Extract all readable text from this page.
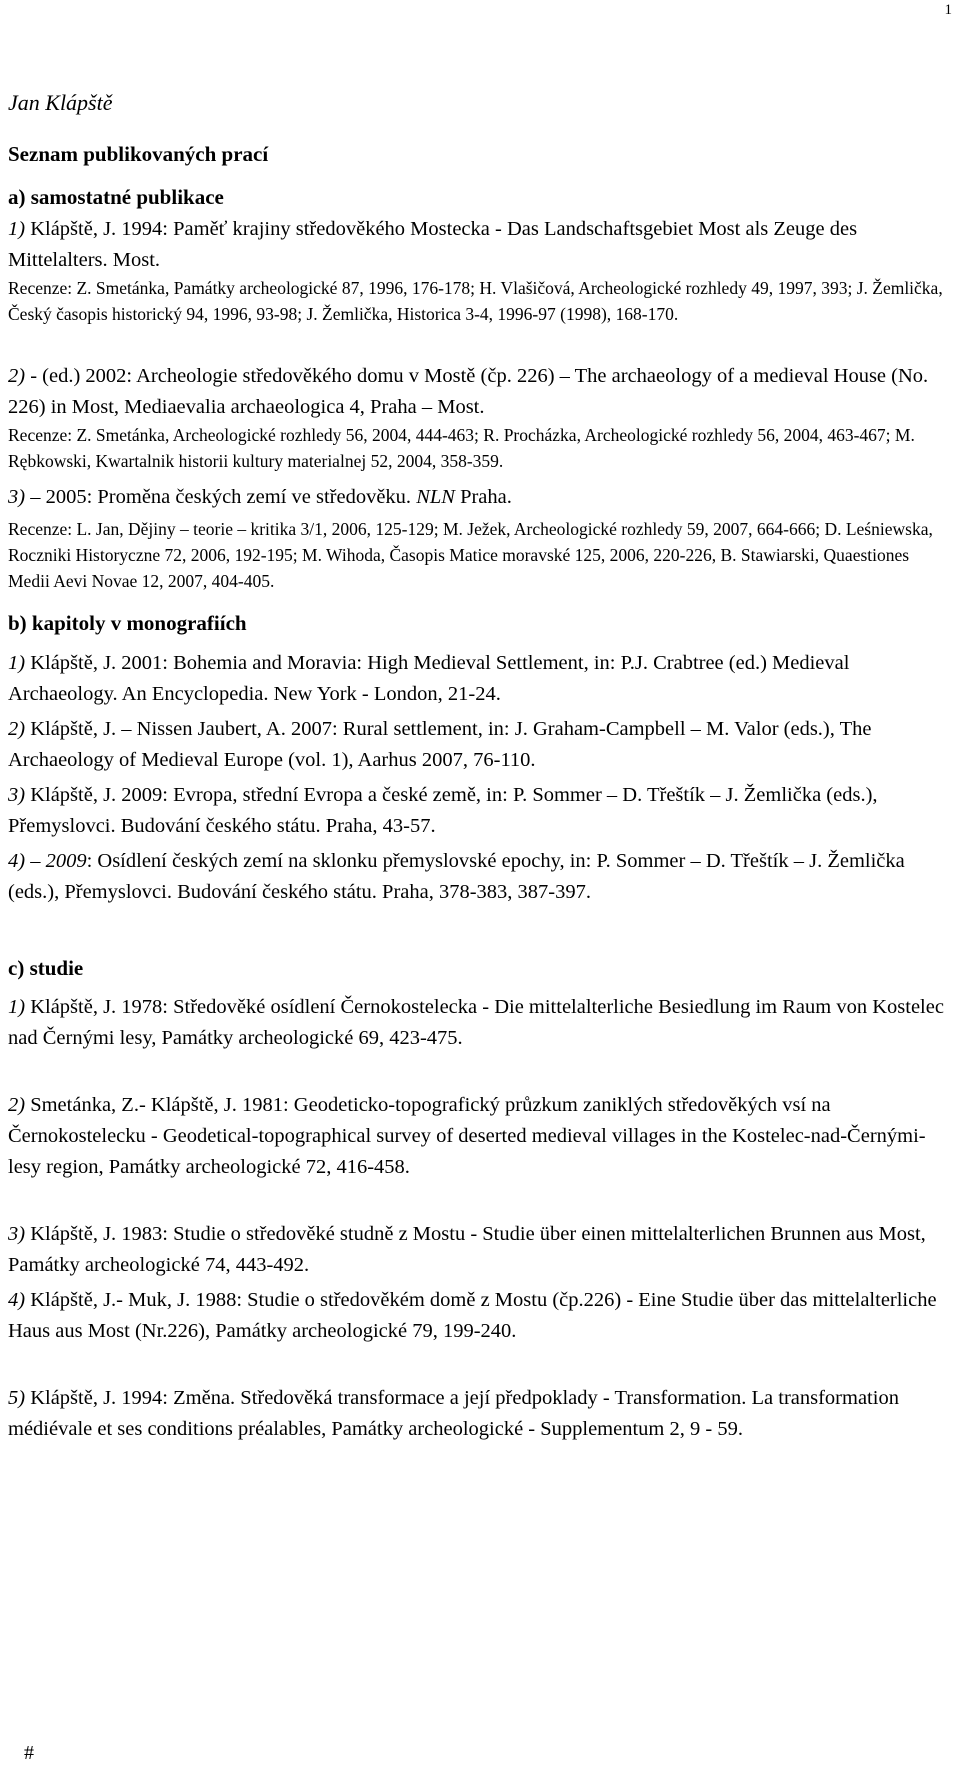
1
Jan Klápště
Seznam publikovaných prací
a) samostatné publikace
1) Klápště, J. 1994: Paměť krajiny středověkého Mostecka - Das Landschaftsgebiet Most als Zeuge des Mittelalters. Most.
Recenze: Z. Smetánka, Památky archeologické 87, 1996, 176-178; H. Vlašičová, Archeologické rozhledy 49, 1997, 393; J. Žemlička, Český časopis historický 94, 1996, 93-98; J. Žemlička, Historica 3-4, 1996-97 (1998), 168-170.
2) - (ed.) 2002: Archeologie středověkého domu v Mostě (čp. 226) – The archaeology of a medieval House (No. 226) in Most, Mediaevalia archaeologica 4, Praha – Most.
Recenze: Z. Smetánka, Archeologické rozhledy 56, 2004, 444-463; R. Procházka, Archeologické rozhledy 56, 2004, 463-467; M. Rębkowski, Kwartalnik historii kultury materialnej 52, 2004, 358-359.
3) – 2005: Proměna českých zemí ve středověku. NLN Praha.
Recenze: L. Jan, Dějiny – teorie – kritika 3/1, 2006, 125-129; M. Ježek, Archeologické rozhledy 59, 2007, 664-666; D. Leśniewska, Roczniki Historyczne 72, 2006, 192-195; M. Wihoda, Časopis Matice moravské 125, 2006, 220-226, B. Stawiarski, Quaestiones Medii Aevi Novae 12, 2007, 404-405.
b) kapitoly v monografiích
1) Klápště, J. 2001: Bohemia and Moravia: High Medieval Settlement, in: P.J. Crabtree (ed.) Medieval Archaeology. An Encyclopedia. New York - London, 21-24.
2) Klápště, J. – Nissen Jaubert, A. 2007: Rural settlement, in: J. Graham-Campbell – M. Valor (eds.), The Archaeology of Medieval Europe (vol. 1), Aarhus 2007, 76-110.
3) Klápště, J. 2009: Evropa, střední Evropa a české země, in: P. Sommer – D. Třeštík – J. Žemlička (eds.), Přemyslovci. Budování českého státu. Praha, 43-57.
4) – 2009: Osídlení českých zemí na sklonku přemyslovské epochy, in: P. Sommer – D. Třeštík – J. Žemlička (eds.), Přemyslovci. Budování českého státu. Praha, 378-383, 387-397.
c) studie
1) Klápště, J. 1978: Středověké osídlení Černokostelecka - Die mittelalterliche Besiedlung im Raum von Kostelec nad Černými lesy, Památky archeologické 69, 423-475.
2) Smetánka, Z.- Klápště, J. 1981: Geodeticko-topografický průzkum zaniklých středověkých vsí na Černokostelecku - Geodetical-topographical survey of deserted medieval villages in the Kostelec-nad-Černými-lesy region, Památky archeologické 72, 416-458.
3) Klápště, J. 1983: Studie o středověké studně z Mostu - Studie über einen mittelalterlichen Brunnen aus Most, Památky archeologické 74, 443-492.
4) Klápště, J.- Muk, J. 1988: Studie o středověkém domě z Mostu (čp.226) - Eine Studie über das mittelalterliche Haus aus Most (Nr.226), Památky archeologické 79, 199-240.
5) Klápště, J. 1994: Změna. Středověká transformace a její předpoklady - Transformation. La transformation médiévale et ses conditions préalables, Památky archeologické - Supplementum 2, 9 - 59.
#
